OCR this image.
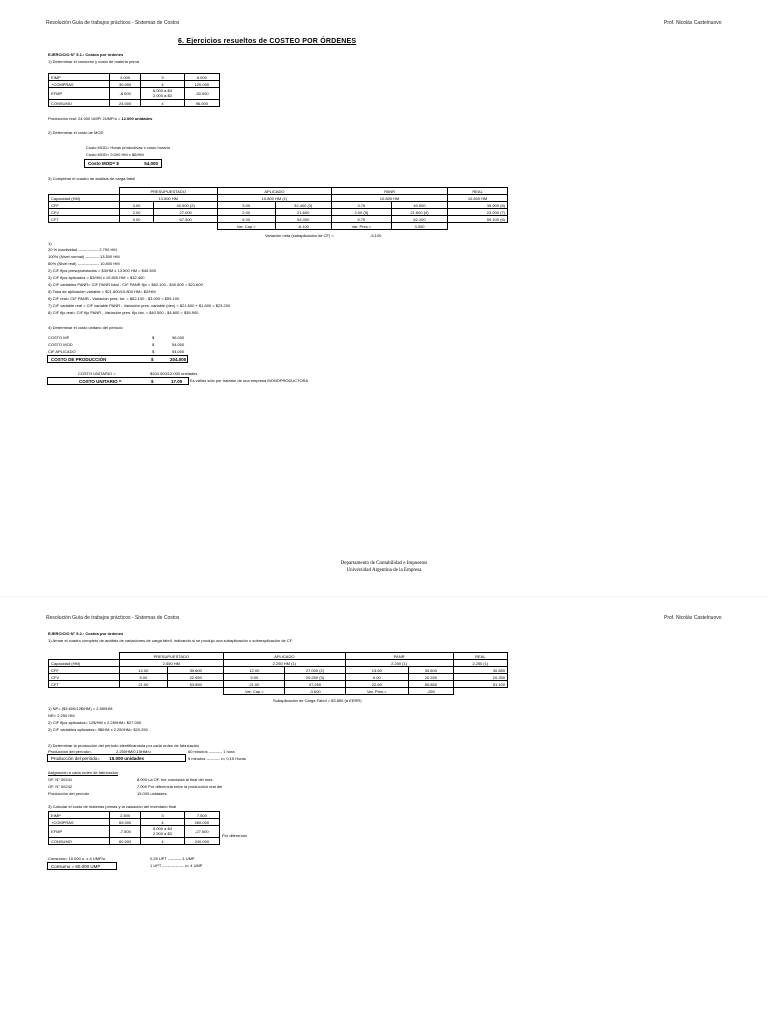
Resolución Guía de trabajos prácticos - Sistemas de Costos	Prof. Nicolás Castelnuovo
6. Ejercicios resueltos de COSTEO POR ÓRDENES
EJERCICIO N° 5.1.: Costos por órdenes
1) Determinar el consumo y costo de materia prima
EIMP	2.000	3	6.000
+COMPRAS	30.000	4	120.000
EFMP	-8.000	6.000 a $4
2.000 a $3	-30.000
CONSUMO	24.000	4	96.000
Producción real: 24.000 UMP/ 2UMP/u = 12.000 unidades
2) Determinar el costo de MOD
Costo MOD= Horas productivas x costo horario
Costo MOD= 9.000 HM x $6/HM
Costo MOD= $	54.000
3) Completar el cuadro de análisis de carga fabril
	PRESUPUESTADO		APLICADO		PANR		REAL
Capacidad (HM)	13.500 HM		10.800 HM (1)		10.800 HM		10.800 HM
CFF	3.00	40.500 (2)	3.00	32.400 (3)	3.75	40.500	35.900 (8)
CFV	2.00	27.000	2.00	21.600	2.00 (5)	21.600 (4)	23.200 (7)
CFT	5.00	67.500	5.00	54.000	5.75	62.100	59.100 (6)
			Var. Cap.=	-8.100	Var. Pres.=	3.000	
Variación neta (subaplicación de CF) =	-5.100
1)
20 % inactividad --------------- 2.700 HM
100% (Nivel normal) -----------13.500 HM
80% (Nivel real) ---------------- 10.800 HM
2) CIF fijos presupuestados = $3/HM x 13.500 HM = $40.500
3) CIF fijos aplicados = $3/HM x 10.800 HM = $32.400
4) CIF variables PANR= CIF PANR total - CIF PANR fijo = $62.100 - $40.500 = $21.600
5) Tasa de aplicación variable = $21.600/10.800 HM= $2/HM
6) CIF real= CIF PANR - Variación pres. tot. = $62.100 - $3.000 = $59.100
7) CIF variable real = CIF variable PANR - Variación pres. variable (dev) = $21.600 + $1.600 = $23.200
8) CIF fijo real= CIF fijo PANR - Variación pres. fijo fav. = $40.500 - $4.600 = $35.900
4) Determinar el costo unitario del período
COSTO MP	$	96.000
COSTO MOD	$	54.000
CIF APLICADO	$	54.000
COSTO DE PRODUCCIÓN	$	204.000
COSTO UNITARIO =	$204.000/12.000 unidades
COSTO UNITARIO =	$	17.00 Es válido sólo por tratarse de una empresa MONOPRODUCTORA
Departamento de Contabilidad e Impuestos
Universidad Argentina de la Empresa
Resolución Guía de trabajos prácticos - Sistemas de Costos	Prof. Nicolás Castelnuovo
EJERCICIO N° 5.2.: Costos por órdenes
1) Armar el cuadro completo de análisis de variaciones de carga fabril, indicando si se produjo una subaplicación o sobreaplicación de CF.
	PRESUPUESTADO		APLICADO		PANR		REAL
Capacidad (HM)	2.550 HM		2.250 HM (1)		2.250 (1)		2.250 (1)
CFF	12.00	30.600	12.00	27.000 (2)	13.60	30.600	30.850
CFV	9.00	22.950	9.00	20.250 (3)	9.00	20.250	20.250
CFT	21.00	53.550	21.00	47.250	22.60	50.850	51.100
			Var. Cap.=	-3.600	Var. Pres.=	-250	
Subaplicación de Carga Fabril = $3.850 (a EERR)
1) NP= ($3.600/12$/HM) = 2.550HM
NR= 2.250 HM
2) CIF fijos aplicados= 12$/HM x 2.250HM= $27.000
3) CIF variables aplicados= 9$/HM x 2.250HM= $20.250
2) Determinar la producción del período identificándola por cada orden de fabricación
Producción del período=	2.250HM/0,15HM/u	60 minutos ---------- 1 hora
Producción del período= 15.000 unidades	9 minutos ---------- x= 0,15 Horas
Asignación a cada orden de fabricación
OF. N° 00241	8.000 La OF. fue concluida al final del mes.
OF. N° 00242	7.000 Por diferencia entre la producción real del
Producción del período	15.000 unidades
3) Calcular el costo de materias primas y la valuación del inventario final
EIMP	2.500	3	7.500
+COMPRAS	65.000	4	260.000
EFMP	-7.500	5.000 a $4
2.500 a $3	-27.500
CONSUMO	60.000	4	240.000
Por diferencia
Consumo= 15.000 u. x 4 UMP/u	0,25 UPT ---------- 1 UMP
Consumo = 60.000 UMP	1 UPT ---------------- x= 4 UMP
